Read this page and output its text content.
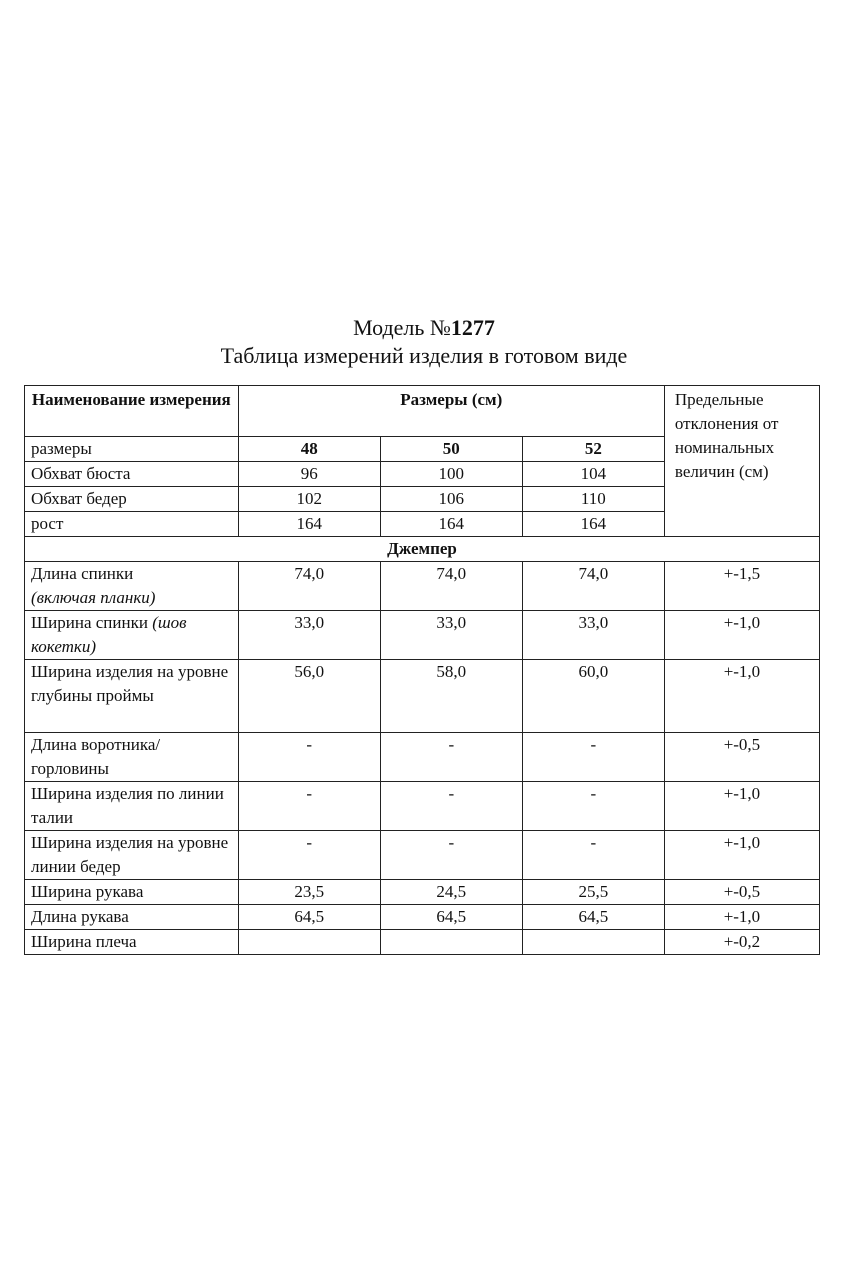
Модель №1277

Таблица измерений изделия в готовом виде

Наименование измерения	Размеры (см)			Предельные отклонения от номинальных величин (см)
размеры	48	50	52	
Обхват бюста	96	100	104	
Обхват бедер	102	106	110	
рост	164	164	164	
Джемпер				
Длина спинки
(включая планки)	74,0	74,0	74,0	+-1,5
Ширина спинки (шов кокетки)	33,0	33,0	33,0	+-1,0
Ширина изделия на уровне глубины проймы	56,0	58,0	60,0	+-1,0
Длина воротника/горловины	-	-	-	+-0,5
Ширина изделия по линии талии	-	-	-	+-1,0
Ширина изделия на уровне линии бедер	-	-	-	+-1,0
Ширина рукава	23,5	24,5	25,5	+-0,5
Длина рукава	64,5	64,5	64,5	+-1,0
Ширина плеча				+-0,2
